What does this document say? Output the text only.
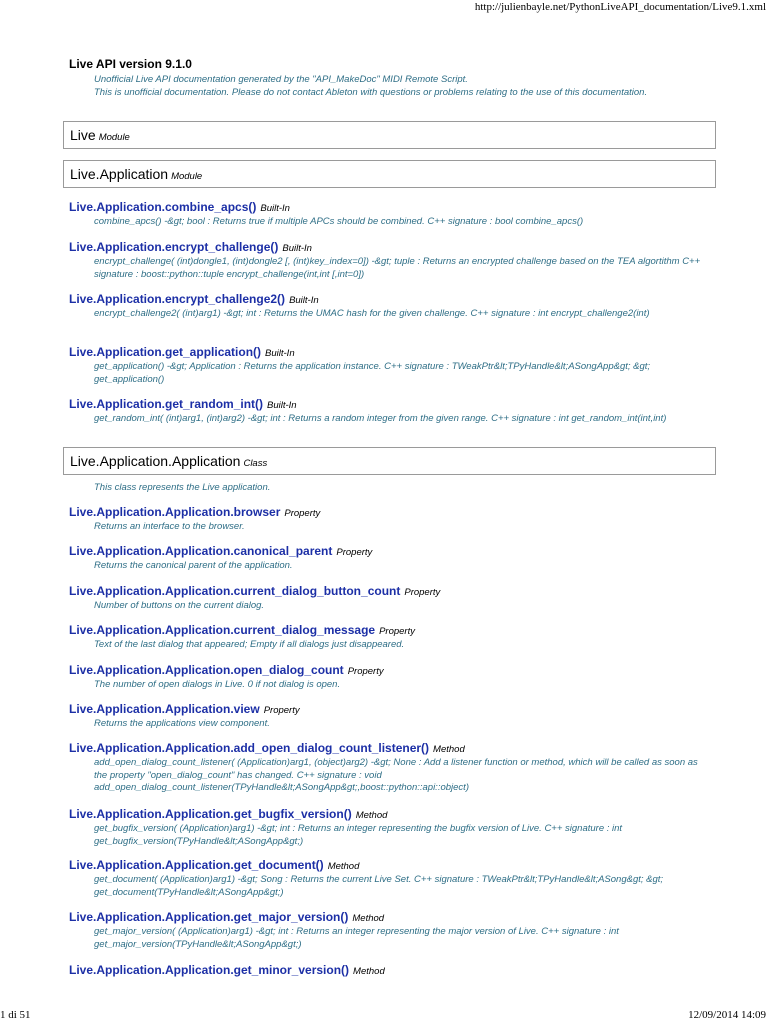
http://julienbayle.net/PythonLiveAPI_documentation/Live9.1.xml
Live API version 9.1.0
Unofficial Live API documentation generated by the "API_MakeDoc" MIDI Remote Script.
This is unofficial documentation. Please do not contact Ableton with questions or problems relating to the use of this documentation.
Live Module
Live.Application Module
Live.Application.combine_apcs() Built-In
combine_apcs() -&gt; bool : Returns true if multiple APCs should be combined. C++ signature : bool combine_apcs()
Live.Application.encrypt_challenge() Built-In
encrypt_challenge( (int)dongle1, (int)dongle2 [, (int)key_index=0]) -&gt; tuple : Returns an encrypted challenge based on the TEA algortithm C++ signature : boost::python::tuple encrypt_challenge(int,int [,int=0])
Live.Application.encrypt_challenge2() Built-In
encrypt_challenge2( (int)arg1) -&gt; int : Returns the UMAC hash for the given challenge. C++ signature : int encrypt_challenge2(int)
Live.Application.get_application() Built-In
get_application() -&gt; Application : Returns the application instance. C++ signature : TWeakPtr&lt;TPyHandle&lt;ASongApp&gt; &gt; get_application()
Live.Application.get_random_int() Built-In
get_random_int( (int)arg1, (int)arg2) -&gt; int : Returns a random integer from the given range. C++ signature : int get_random_int(int,int)
Live.Application.Application Class
This class represents the Live application.
Live.Application.Application.browser Property
Returns an interface to the browser.
Live.Application.Application.canonical_parent Property
Returns the canonical parent of the application.
Live.Application.Application.current_dialog_button_count Property
Number of buttons on the current dialog.
Live.Application.Application.current_dialog_message Property
Text of the last dialog that appeared; Empty if all dialogs just disappeared.
Live.Application.Application.open_dialog_count Property
The number of open dialogs in Live. 0 if not dialog is open.
Live.Application.Application.view Property
Returns the applications view component.
Live.Application.Application.add_open_dialog_count_listener() Method
add_open_dialog_count_listener( (Application)arg1, (object)arg2) -&gt; None : Add a listener function or method, which will be called as soon as the property "open_dialog_count" has changed. C++ signature : void add_open_dialog_count_listener(TPyHandle&lt;ASongApp&gt;,boost::python::api::object)
Live.Application.Application.get_bugfix_version() Method
get_bugfix_version( (Application)arg1) -&gt; int : Returns an integer representing the bugfix version of Live. C++ signature : int get_bugfix_version(TPyHandle&lt;ASongApp&gt;)
Live.Application.Application.get_document() Method
get_document( (Application)arg1) -&gt; Song : Returns the current Live Set. C++ signature : TWeakPtr&lt;TPyHandle&lt;ASong&gt; &gt; get_document(TPyHandle&lt;ASongApp&gt;)
Live.Application.Application.get_major_version() Method
get_major_version( (Application)arg1) -&gt; int : Returns an integer representing the major version of Live. C++ signature : int get_major_version(TPyHandle&lt;ASongApp&gt;)
Live.Application.Application.get_minor_version() Method
1 di 51	12/09/2014 14:09
